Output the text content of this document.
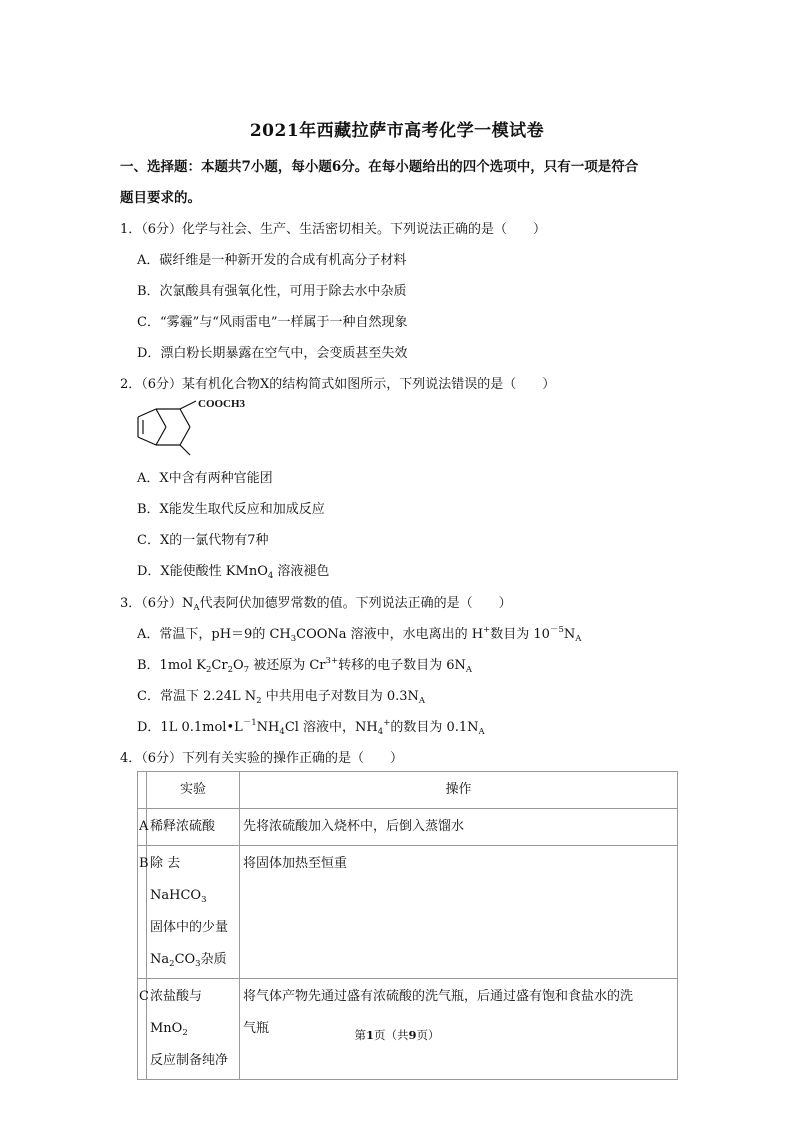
2021年西藏拉萨市高考化学一模试卷
一、选择题：本题共7小题，每小题6分。在每小题给出的四个选项中，只有一项是符合
题目要求的。
1．（6分）化学与社会、生产、生活密切相关。下列说法正确的是（　　）
A．碳纤维是一种新开发的合成有机高分子材料
B．次氯酸具有强氧化性，可用于除去水中杂质
C．“雾霾”与“风雨雷电”一样属于一种自然现象
D．漂白粉长期暴露在空气中，会变质甚至失效
2．（6分）某有机化合物X的结构简式如图所示，下列说法错误的是（　　）
COOCH3
A．X中含有两种官能团
B．X能发生取代反应和加成反应
C．X的一氯代物有7种
D．X能使酸性 KMnO$_4$ 溶液褪色
3．（6分）$N_A$代表阿伏加德罗常数的值。下列说法正确的是（　　）
A．常温下，pH＝9的 $CH_3COONa$ 溶液中，水电离出的 H+数目为 $10^{-5}N_A$
B．1mol $K_2Cr_2O_7$ 被还原为 $Cr^{3+}$转移的电子数目为 $6N_A$
C．常温下 2.24L $N_2$ 中共用电子对数目为 $0.3N_A$
D．1L $0.1mol•L^{-1}NH_4Cl$ 溶液中，$NH_4^+$的数目为 $0.1N_A$
4．（6分）下列有关实验的操作正确的是（　　）
	实验	操作
A	稀释浓硫酸	先将浓硫酸加入烧杯中，后倒入蒸馏水
B	除 去 NaHCO$_3$
固体中的少量
$Na_2CO_3$杂质	将固体加热至恒重
C	浓盐酸与 MnO$_2$
反应制备纯净	将气体产物先通过盛有浓硫酸的洗气瓶，后通过盛有饱和食盐水的洗
气瓶	第1页（共9页）
